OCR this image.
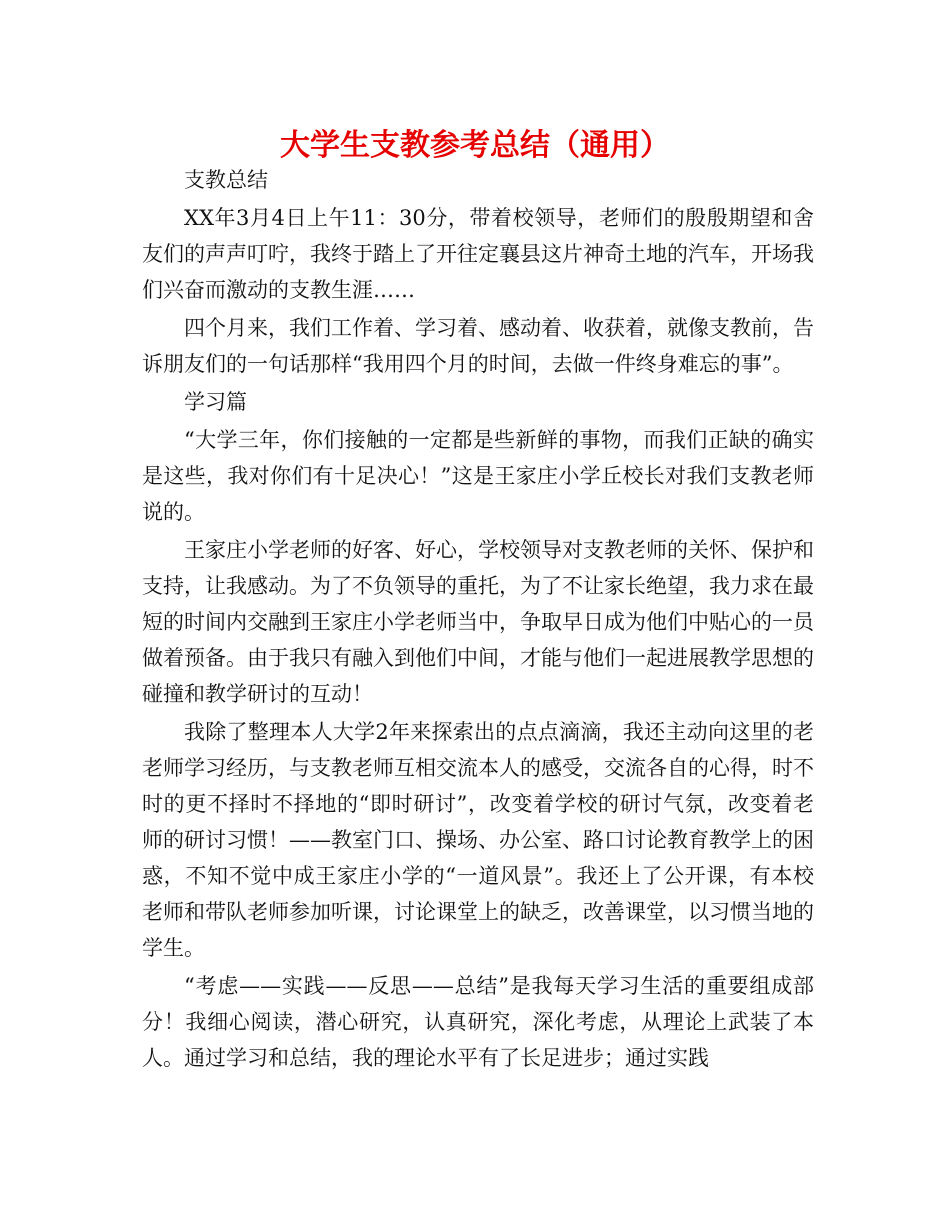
大学生支教参考总结（通用）

支教总结

XX年3月4日上午11：30分，带着校领导，老师们的殷殷期望和舍友们的声声叮咛，我终于踏上了开往定襄县这片神奇土地的汽车，开场我们兴奋而激动的支教生涯……

四个月来，我们工作着、学习着、感动着、收获着，就像支教前，告诉朋友们的一句话那样“我用四个月的时间，去做一件终身难忘的事”。

学习篇

“大学三年，你们接触的一定都是些新鲜的事物，而我们正缺的确实是这些，我对你们有十足决心！”这是王家庄小学丘校长对我们支教老师说的。

王家庄小学老师的好客、好心，学校领导对支教老师的关怀、保护和支持，让我感动。为了不负领导的重托，为了不让家长绝望，我力求在最短的时间内交融到王家庄小学老师当中，争取早日成为他们中贴心的一员做着预备。由于我只有融入到他们中间，才能与他们一起进展教学思想的碰撞和教学研讨的互动！

我除了整理本人大学2年来探索出的点点滴滴，我还主动向这里的老老师学习经历，与支教老师互相交流本人的感受，交流各自的心得，时不时的更不择时不择地的“即时研讨”，改变着学校的研讨气氛，改变着老师的研讨习惯！——教室门口、操场、办公室、路口讨论教育教学上的困惑，不知不觉中成王家庄小学的“一道风景”。我还上了公开课，有本校老师和带队老师参加听课，讨论课堂上的缺乏，改善课堂，以习惯当地的学生。

“考虑——实践——反思——总结”是我每天学习生活的重要组成部分！我细心阅读，潜心研究，认真研究，深化考虑，从理论上武装了本人。通过学习和总结，我的理论水平有了长足进步；通过实践
